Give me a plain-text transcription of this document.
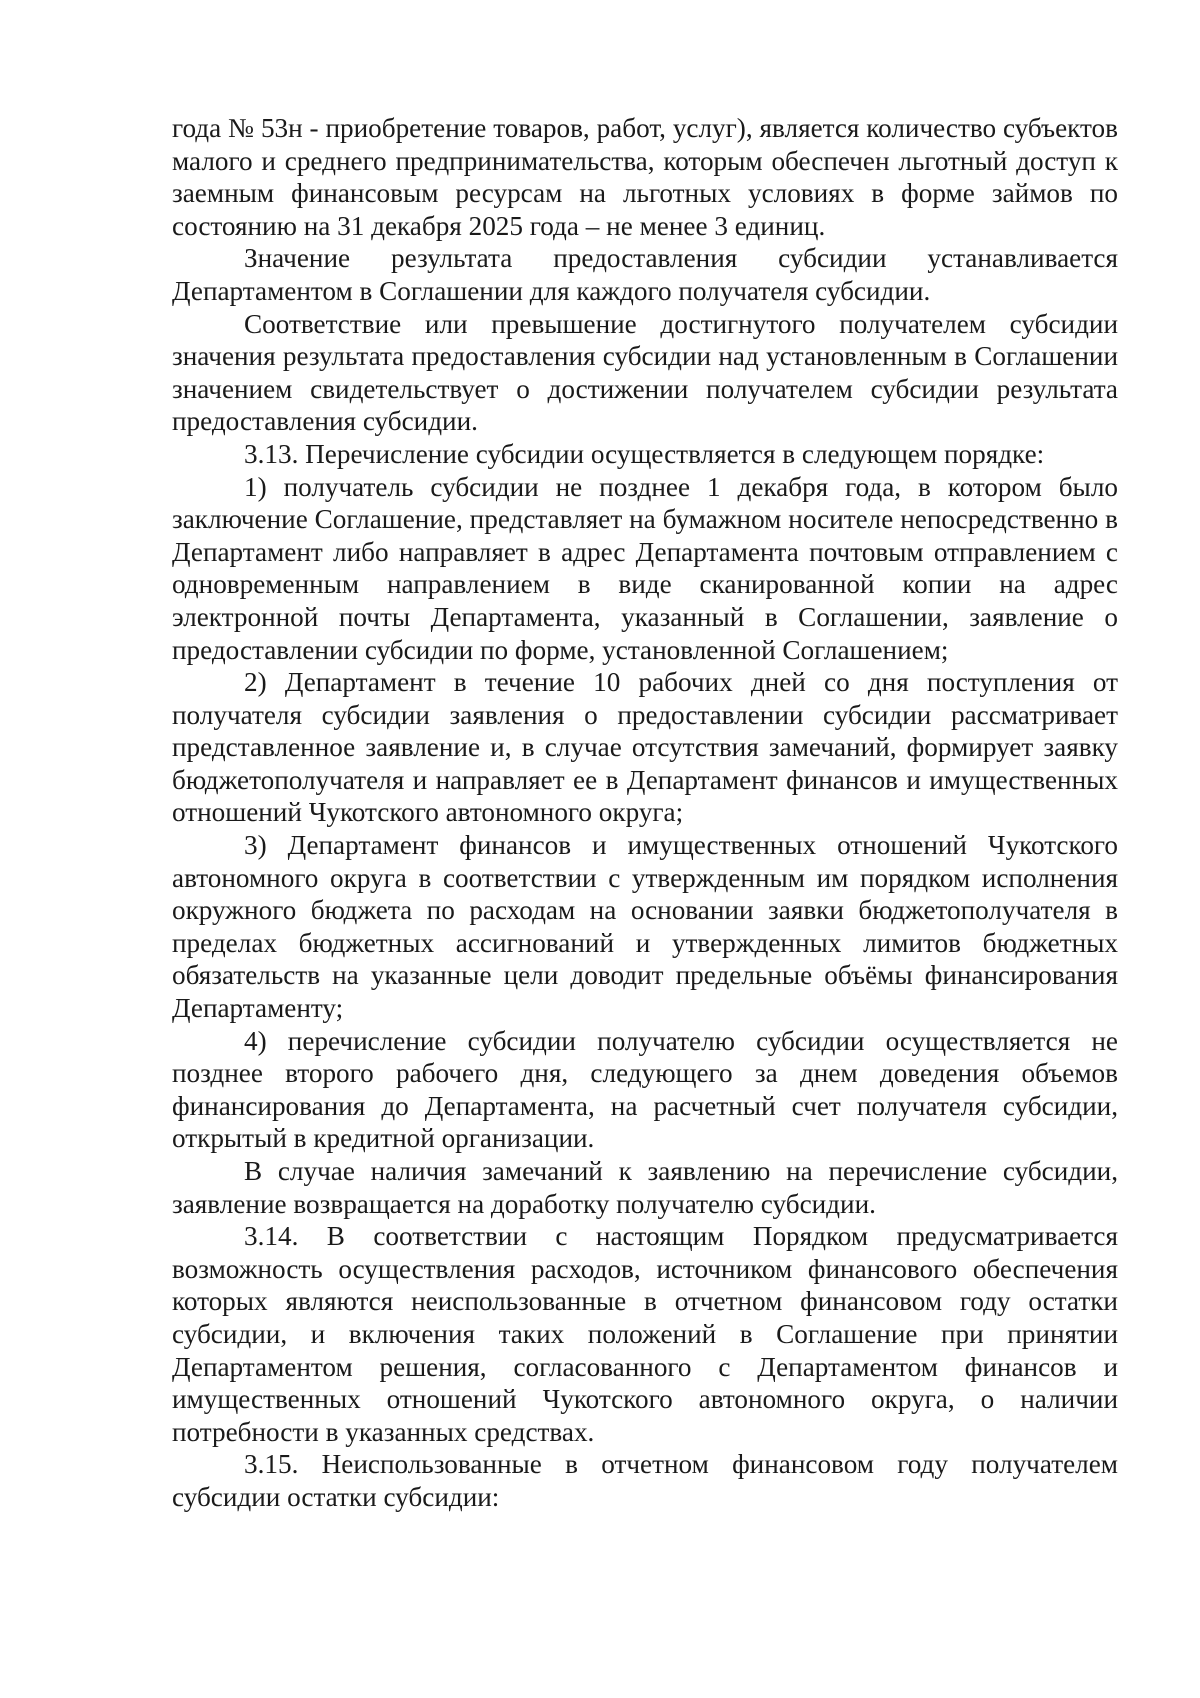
года № 53н - приобретение товаров, работ, услуг), является количество субъектов малого и среднего предпринимательства, которым обеспечен льготный доступ к заемным финансовым ресурсам на льготных условиях в форме займов по состоянию на 31 декабря 2025 года – не менее 3 единиц.

Значение результата предоставления субсидии устанавливается Департаментом в Соглашении для каждого получателя субсидии.

Соответствие или превышение достигнутого получателем субсидии значения результата предоставления субсидии над установленным в Соглашении значением свидетельствует о достижении получателем субсидии результата предоставления субсидии.

3.13. Перечисление субсидии осуществляется в следующем порядке:

1) получатель субсидии не позднее 1 декабря года, в котором было заключение Соглашение, представляет на бумажном носителе непосредственно в Департамент либо направляет в адрес Департамента почтовым отправлением с одновременным направлением в виде сканированной копии на адрес электронной почты Департамента, указанный в Соглашении, заявление о предоставлении субсидии по форме, установленной Соглашением;

2) Департамент в течение 10 рабочих дней со дня поступления от получателя субсидии заявления о предоставлении субсидии рассматривает представленное заявление и, в случае отсутствия замечаний, формирует заявку бюджетополучателя и направляет ее в Департамент финансов и имущественных отношений Чукотского автономного округа;

3) Департамент финансов и имущественных отношений Чукотского автономного округа в соответствии с утвержденным им порядком исполнения окружного бюджета по расходам на основании заявки бюджетополучателя в пределах бюджетных ассигнований и утвержденных лимитов бюджетных обязательств на указанные цели доводит предельные объёмы финансирования Департаменту;

4) перечисление субсидии получателю субсидии осуществляется не позднее второго рабочего дня, следующего за днем доведения объемов финансирования до Департамента, на расчетный счет получателя субсидии, открытый в кредитной организации.

В случае наличия замечаний к заявлению на перечисление субсидии, заявление возвращается на доработку получателю субсидии.

3.14. В соответствии с настоящим Порядком предусматривается возможность осуществления расходов, источником финансового обеспечения которых являются неиспользованные в отчетном финансовом году остатки субсидии, и включения таких положений в Соглашение при принятии Департаментом решения, согласованного с Департаментом финансов и имущественных отношений Чукотского автономного округа, о наличии потребности в указанных средствах.

3.15. Неиспользованные в отчетном финансовом году получателем субсидии остатки субсидии:
